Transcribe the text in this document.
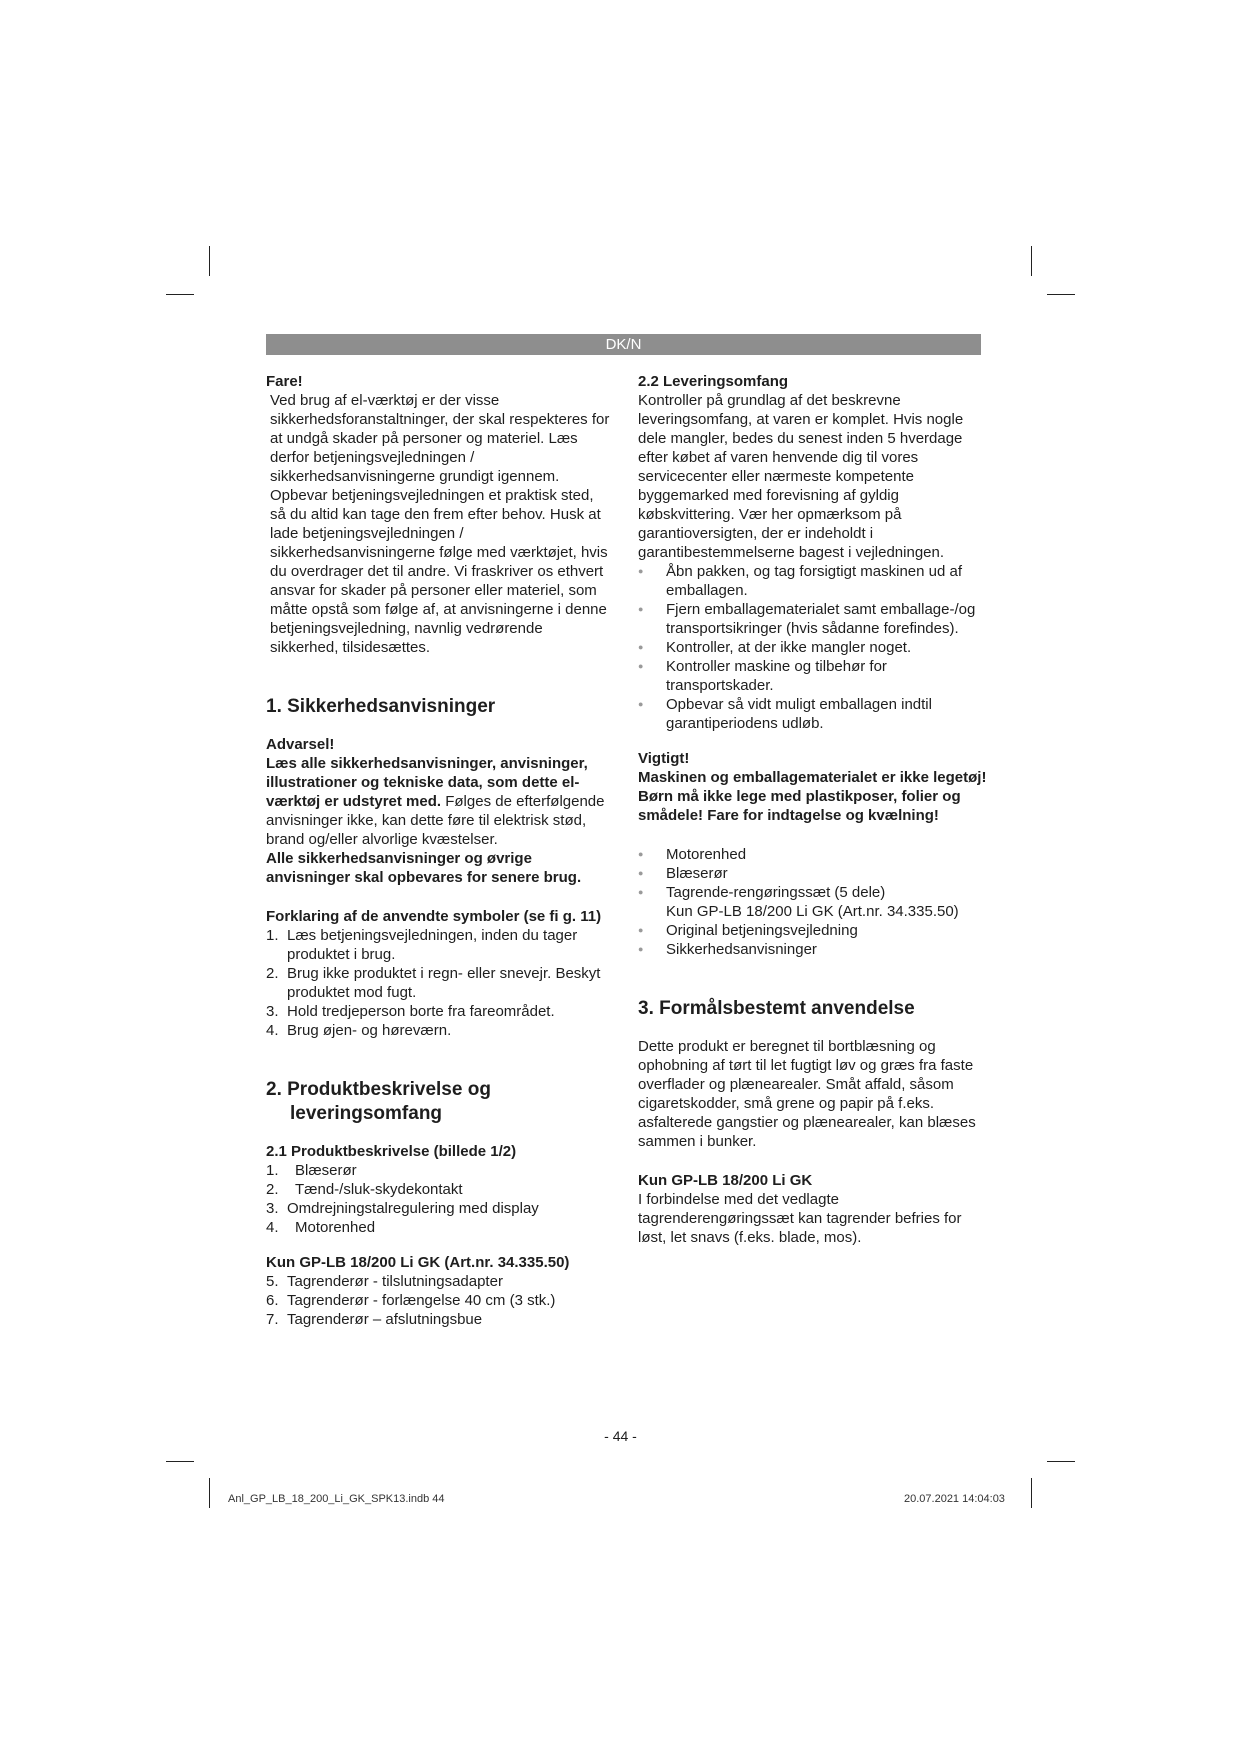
DK/N

Fare!

Ved brug af el-værktøj er der visse sikkerhedsforanstaltninger, der skal respekteres for at undgå skader på personer og materiel. Læs derfor betjeningsvejledningen / sikkerhedsanvisningerne grundigt igennem. Opbevar betjeningsvejledningen et praktisk sted, så du altid kan tage den frem efter behov. Husk at lade betjeningsvejledningen / sikkerhedsanvisningerne følge med værktøjet, hvis du overdrager det til andre. Vi fraskriver os ethvert ansvar for skader på personer eller materiel, som måtte opstå som følge af, at anvisningerne i denne betjeningsvejledning, navnlig vedrørende sikkerhed, tilsidesættes.

1. Sikkerhedsanvisninger

Advarsel!

Læs alle sikkerhedsanvisninger, anvisninger, illustrationer og tekniske data, som dette el-værktøj er udstyret med. Følges de efterfølgende anvisninger ikke, kan dette føre til elektrisk stød, brand og/eller alvorlige kvæstelser.

Alle sikkerhedsanvisninger og øvrige anvisninger skal opbevares for senere brug.

Forklaring af de anvendte symboler (se fi g. 11)

1. Læs betjeningsvejledningen, inden du tager produktet i brug.
2. Brug ikke produktet i regn- eller snevejr. Beskyt produktet mod fugt.
3. Hold tredjeperson borte fra fareområdet.
4. Brug øjen- og høreværn.
2. Produktbeskrivelse og leveringsomfang

2.1 Produktbeskrivelse (billede 1/2)

1. Blæserør
2. Tænd-/sluk-skydekontakt
3. Omdrejningstalregulering med display
4. Motorenhed

Kun GP-LB 18/200 Li GK (Art.nr. 34.335.50)

5. Tagrenderør - tilslutningsadapter
6. Tagrenderør - forlængelse 40 cm (3 stk.)
7. Tagrenderør – afslutningsbue

2.2 Leveringsomfang

Kontroller på grundlag af det beskrevne leveringsomfang, at varen er komplet. Hvis nogle dele mangler, bedes du senest inden 5 hverdage efter købet af varen henvende dig til vores servicecenter eller nærmeste kompetente byggemarked med forevisning af gyldig købskvittering. Vær her opmærksom på garantioversigten, der er indeholdt i garantibestemmelserne bagest i vejledningen.

● Åbn pakken, og tag forsigtigt maskinen ud af emballagen.
● Fjern emballagematerialet samt emballage-/og transportsikringer (hvis sådanne forefindes).
● Kontroller, at der ikke mangler noget.
● Kontroller maskine og tilbehør for transportskader.
● Opbevar så vidt muligt emballagen indtil garantiperiodens udløb.

Vigtigt!

Maskinen og emballagematerialet er ikke legetøj! Børn må ikke lege med plastikposer, folier og smådele! Fare for indtagelse og kvælning!

● Motorenhed
● Blæserør
● Tagrende-rengøringssæt (5 dele)
Kun GP-LB 18/200 Li GK (Art.nr. 34.335.50)
● Original betjeningsvejledning
● Sikkerhedsanvisninger
3. Formålsbestemt anvendelse

Dette produkt er beregnet til bortblæsning og ophobning af tørt til let fugtigt løv og græs fra faste overflader og plænearealer. Småt affald, såsom cigaretskodder, små grene og papir på f.eks. asfalterede gangstier og plænearealer, kan blæses sammen i bunker.

Kun GP-LB 18/200 Li GK

I forbindelse med det vedlagte tagrenderengøringssæt kan tagrender befries for løst, let snavs (f.eks. blade, mos).

- 44 -
Anl_GP_LB_18_200_Li_GK_SPK13.indb 44	20.07.2021 14:04:03
